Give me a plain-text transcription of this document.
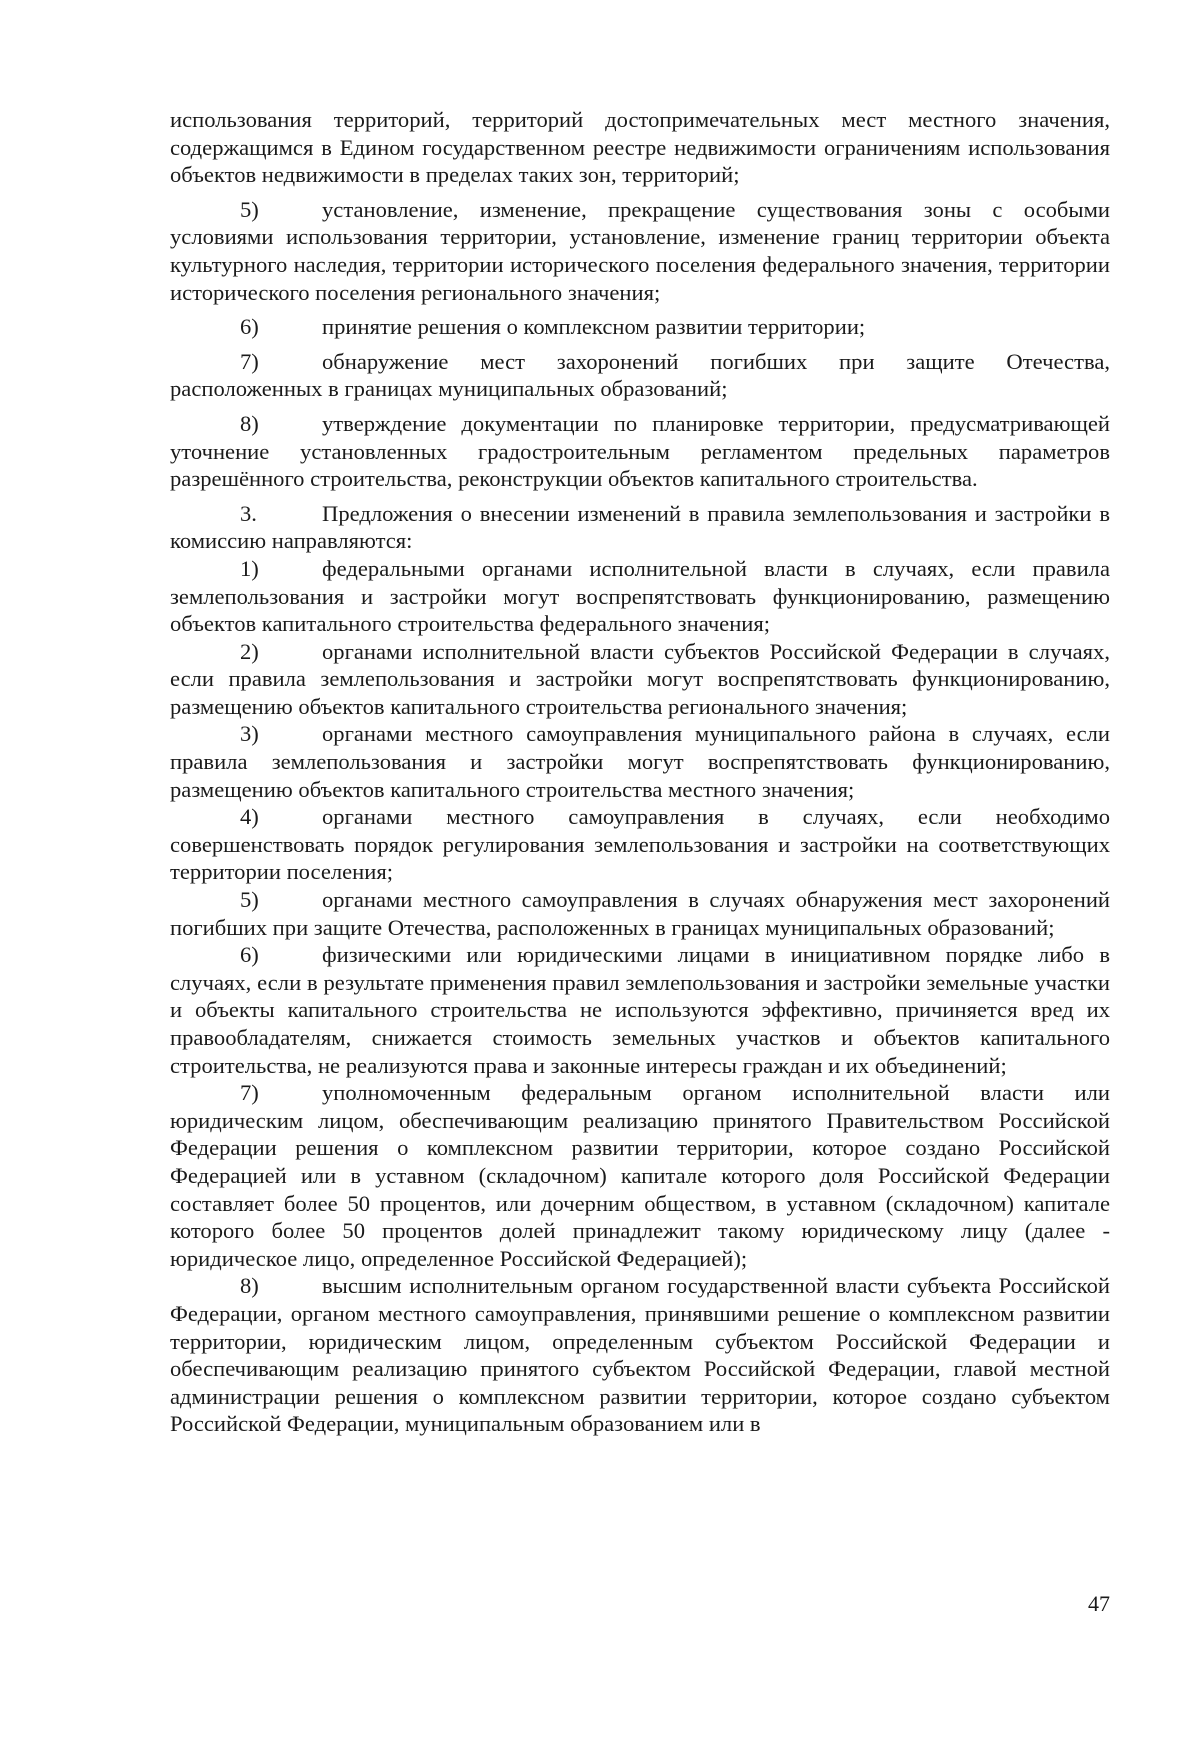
использования территорий, территорий достопримечательных мест местного значения, содержащимся в Едином государственном реестре недвижимости ограничениям использования объектов недвижимости в пределах таких зон, территорий;

5)	установление, изменение, прекращение существования зоны с особыми условиями использования территории, установление, изменение границ территории объекта культурного наследия, территории исторического поселения федерального значения, территории исторического поселения регионального значения;

6)	принятие решения о комплексном развитии территории;

7)	обнаружение мест захоронений погибших при защите Отечества, расположенных в границах муниципальных образований;

8)	утверждение документации по планировке территории, предусматривающей уточнение установленных градостроительным регламентом предельных параметров разрешённого строительства, реконструкции объектов капитального строительства.

3.	Предложения о внесении изменений в правила землепользования и застройки в комиссию направляются:

1)	федеральными органами исполнительной власти в случаях, если правила землепользования и застройки могут воспрепятствовать функционированию, размещению объектов капитального строительства федерального значения;

2)	органами исполнительной власти субъектов Российской Федерации в случаях, если правила землепользования и застройки могут воспрепятствовать функционированию, размещению объектов капитального строительства регионального значения;

3)	органами местного самоуправления муниципального района в случаях, если правила землепользования и застройки могут воспрепятствовать функционированию, размещению объектов капитального строительства местного значения;

4)	органами местного самоуправления в случаях, если необходимо совершенствовать порядок регулирования землепользования и застройки на соответствующих территории поселения;

5)	органами местного самоуправления в случаях обнаружения мест захоронений погибших при защите Отечества, расположенных в границах муниципальных образований;

6)	физическими или юридическими лицами в инициативном порядке либо в случаях, если в результате применения правил землепользования и застройки земельные участки и объекты капитального строительства не используются эффективно, причиняется вред их правообладателям, снижается стоимость земельных участков и объектов капитального строительства, не реализуются права и законные интересы граждан и их объединений;

7)	уполномоченным федеральным органом исполнительной власти или юридическим лицом, обеспечивающим реализацию принятого Правительством Российской Федерации решения о комплексном развитии территории, которое создано Российской Федерацией или в уставном (складочном) капитале которого доля Российской Федерации составляет более 50 процентов, или дочерним обществом, в уставном (складочном) капитале которого более 50 процентов долей принадлежит такому юридическому лицу (далее - юридическое лицо, определенное Российской Федерацией);

8)	высшим исполнительным органом государственной власти субъекта Российской Федерации, органом местного самоуправления, принявшими решение о комплексном развитии территории, юридическим лицом, определенным субъектом Российской Федерации и обеспечивающим реализацию принятого субъектом Российской Федерации, главой местной администрации решения о комплексном развитии территории, которое создано субъектом Российской Федерации, муниципальным образованием или в

47
